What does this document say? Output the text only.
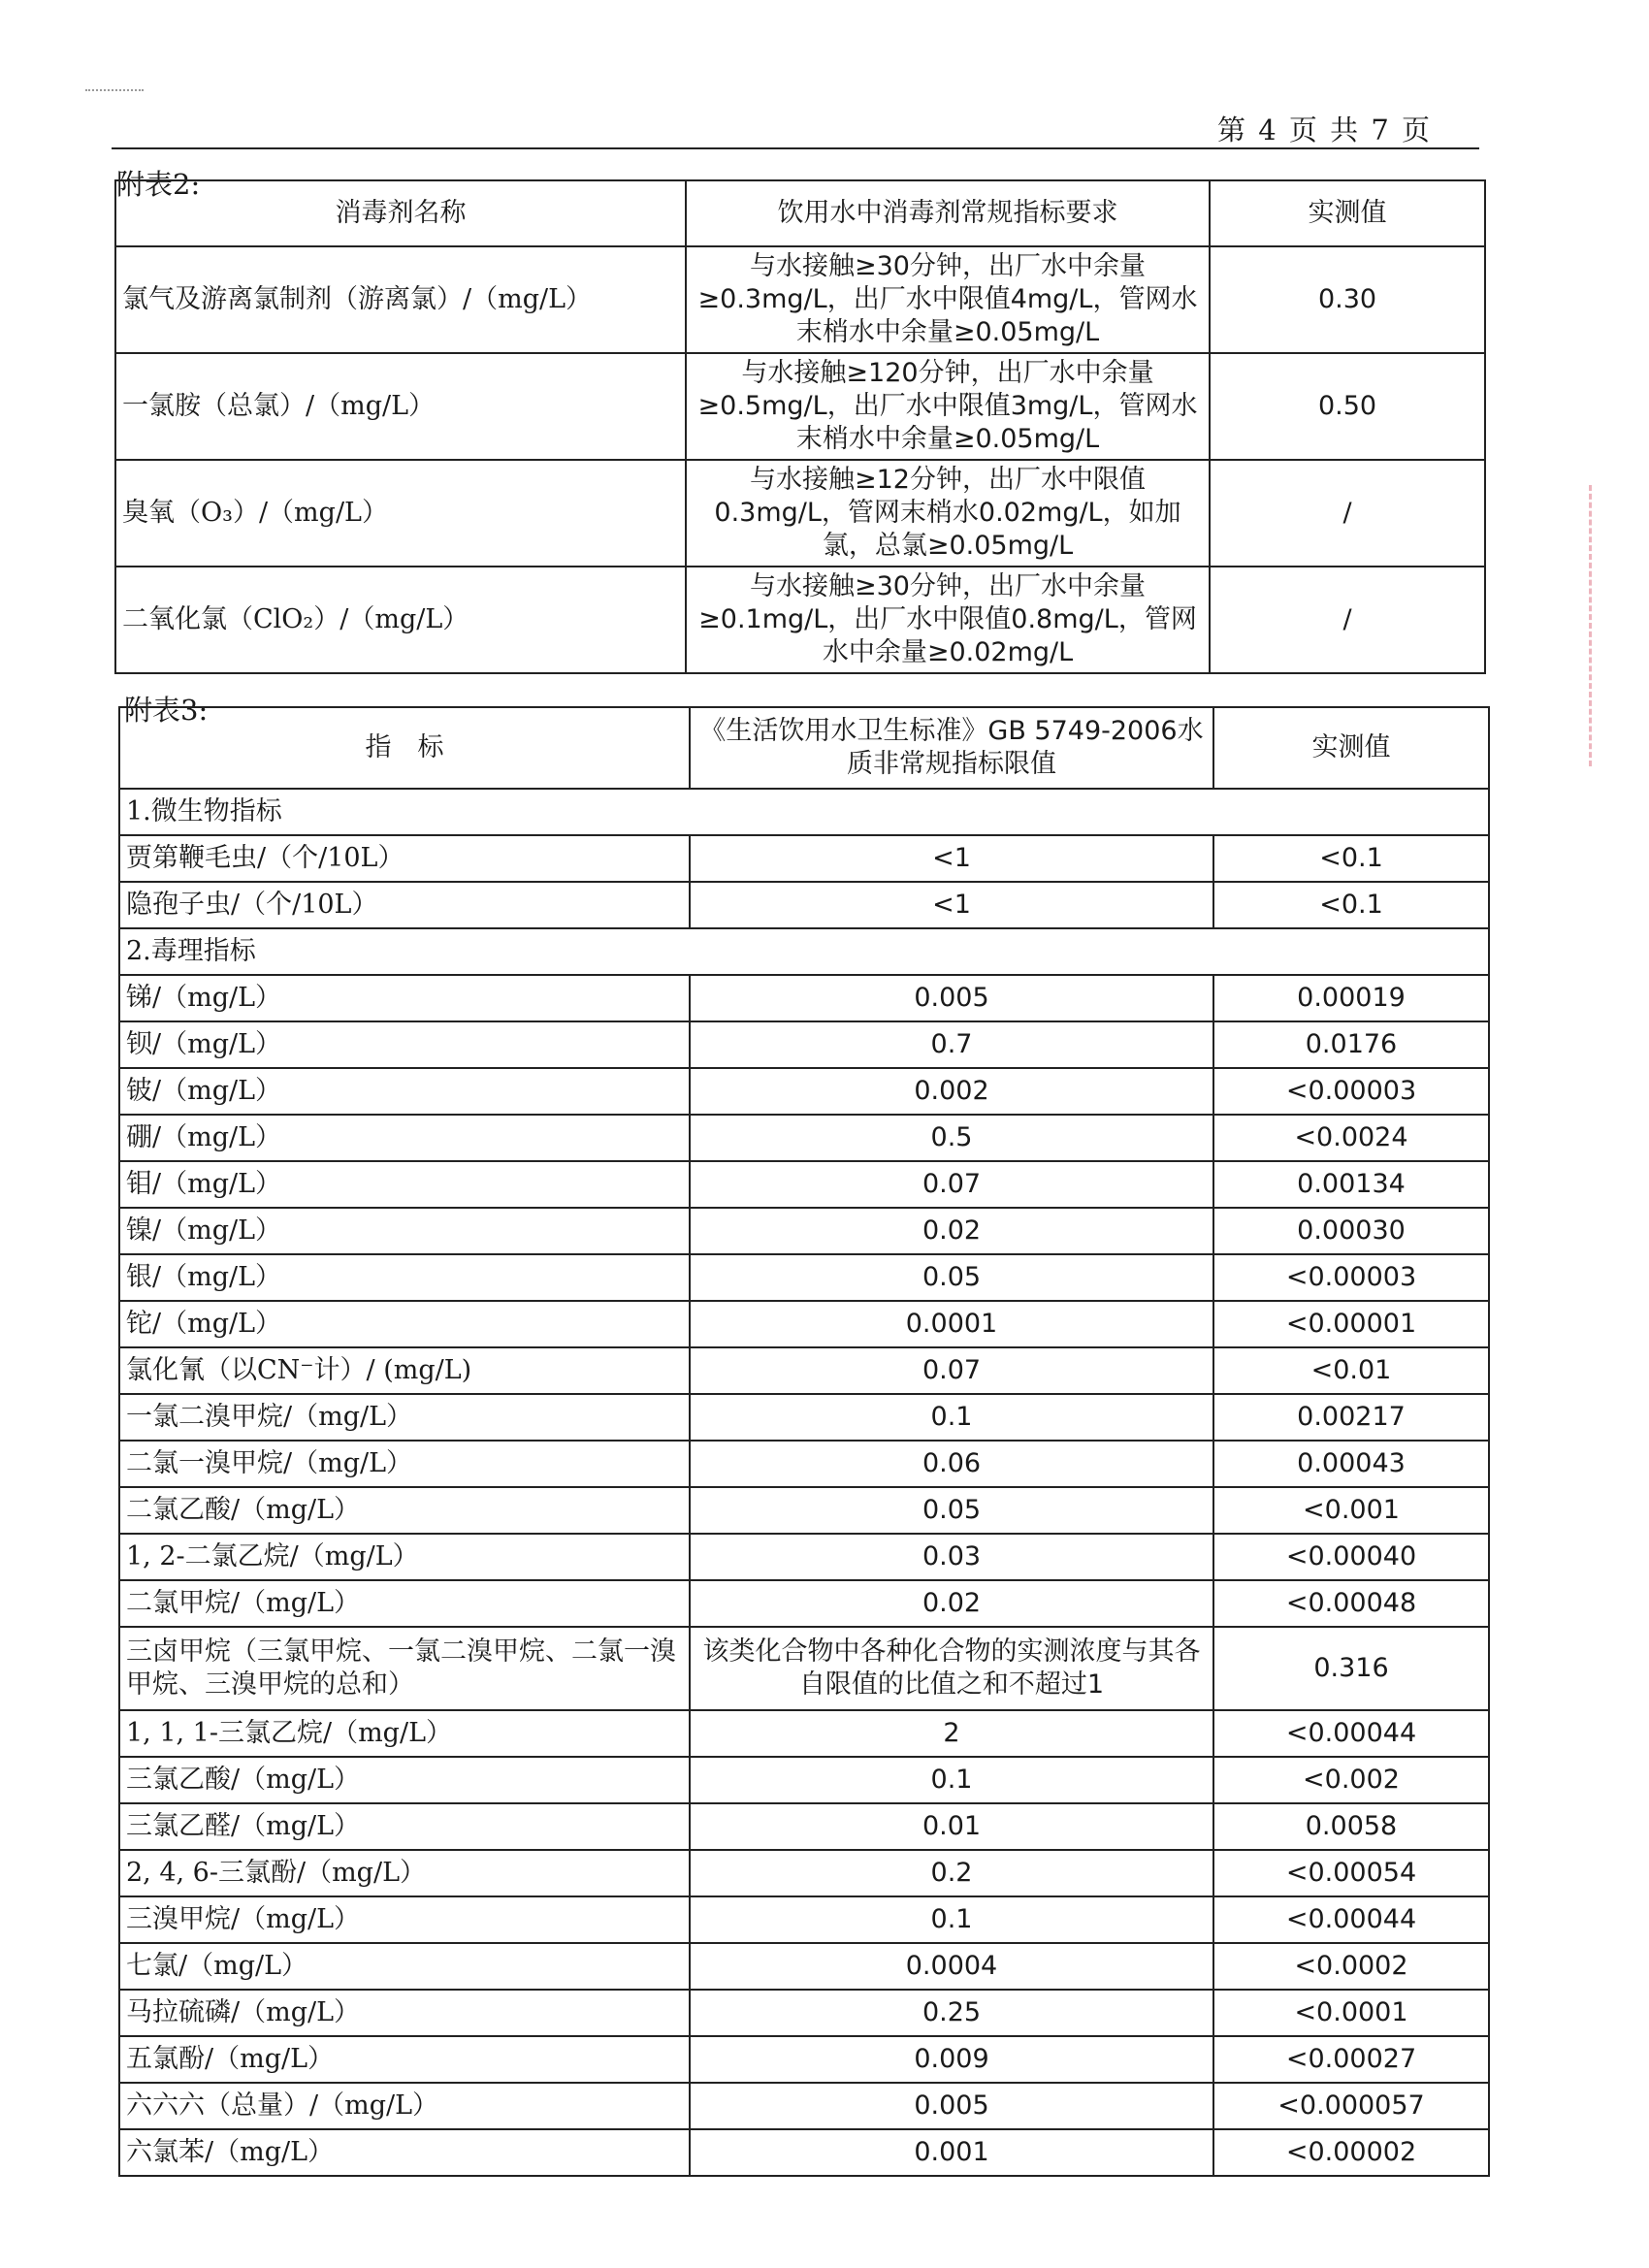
第 4 页 共 7 页
附表2:
消毒剂名称	饮用水中消毒剂常规指标要求	实测值
氯气及游离氯制剂（游离氯）/（mg/L）	与水接触≥30分钟，出厂水中余量≥0.3mg/L，出厂水中限值4mg/L，管网水末梢水中余量≥0.05mg/L	0.30
一氯胺（总氯）/（mg/L）	与水接触≥120分钟，出厂水中余量≥0.5mg/L，出厂水中限值3mg/L，管网水末梢水中余量≥0.05mg/L	0.50
臭氧（O₃）/（mg/L）	与水接触≥12分钟，出厂水中限值0.3mg/L，管网末梢水0.02mg/L，如加氯，总氯≥0.05mg/L	/
二氧化氯（ClO₂）/（mg/L）	与水接触≥30分钟，出厂水中余量≥0.1mg/L，出厂水中限值0.8mg/L，管网水中余量≥0.02mg/L	/
附表3:
指　标	《生活饮用水卫生标准》GB 5749-2006水质非常规指标限值	实测值
1.微生物指标		
贾第鞭毛虫/（个/10L）	<1	<0.1
隐孢子虫/（个/10L）	<1	<0.1
2.毒理指标		
锑/（mg/L）	0.005	0.00019
钡/（mg/L）	0.7	0.0176
铍/（mg/L）	0.002	<0.00003
硼/（mg/L）	0.5	<0.0024
钼/（mg/L）	0.07	0.00134
镍/（mg/L）	0.02	0.00030
银/（mg/L）	0.05	<0.00003
铊/（mg/L）	0.0001	<0.00001
氯化氰（以CN⁻计）/ (mg/L)	0.07	<0.01
一氯二溴甲烷/（mg/L）	0.1	0.00217
二氯一溴甲烷/（mg/L）	0.06	0.00043
二氯乙酸/（mg/L）	0.05	<0.001
1, 2-二氯乙烷/（mg/L）	0.03	<0.00040
二氯甲烷/（mg/L）	0.02	<0.00048
三卤甲烷（三氯甲烷、一氯二溴甲烷、二氯一溴甲烷、三溴甲烷的总和）	该类化合物中各种化合物的实测浓度与其各自限值的比值之和不超过1	0.316
1, 1, 1-三氯乙烷/（mg/L）	2	<0.00044
三氯乙酸/（mg/L）	0.1	<0.002
三氯乙醛/（mg/L）	0.01	0.0058
2, 4, 6-三氯酚/（mg/L）	0.2	<0.00054
三溴甲烷/（mg/L）	0.1	<0.00044
七氯/（mg/L）	0.0004	<0.0002
马拉硫磷/（mg/L）	0.25	<0.0001
五氯酚/（mg/L）	0.009	<0.00027
六六六（总量）/（mg/L）	0.005	<0.000057
六氯苯/（mg/L）	0.001	<0.00002
